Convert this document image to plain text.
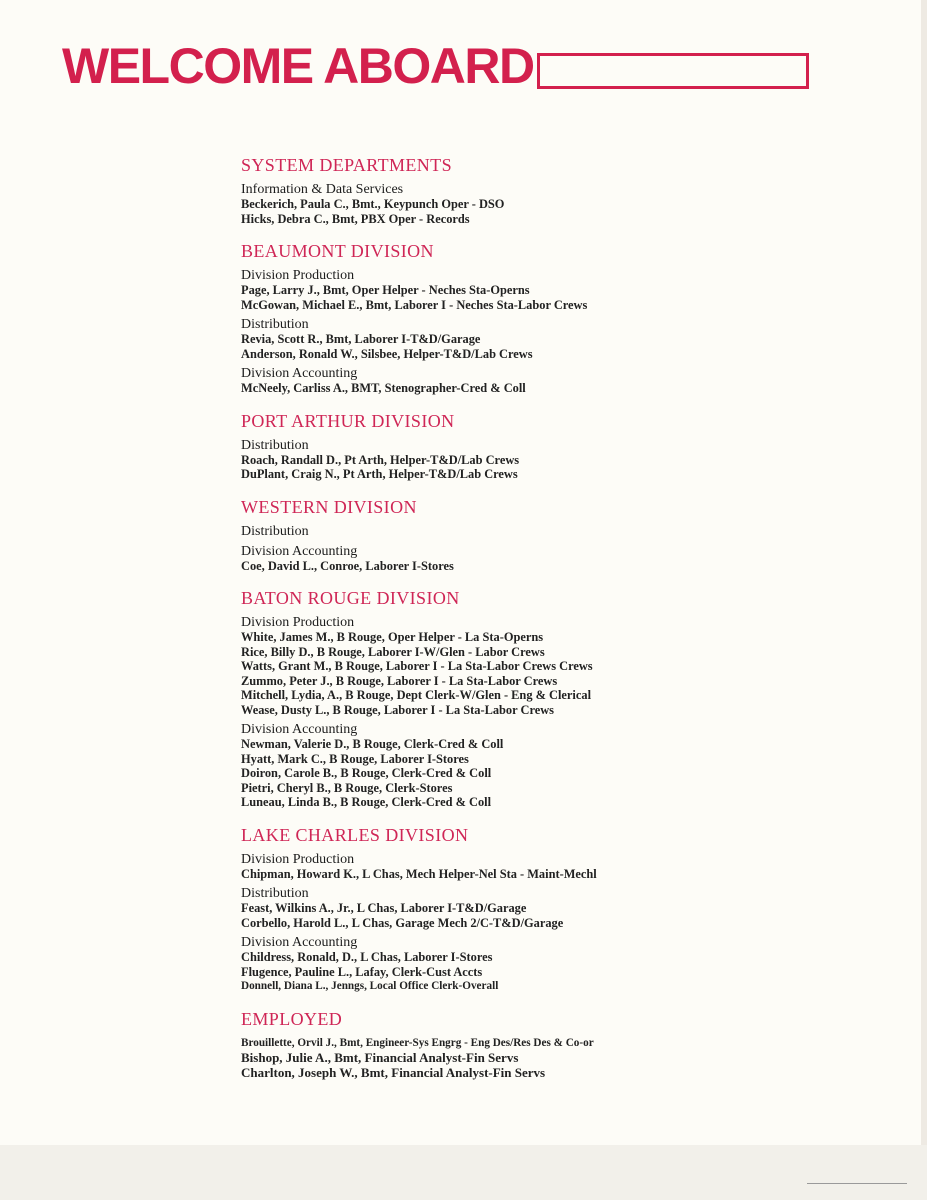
WELCOME ABOARD
SYSTEM DEPARTMENTS
Information & Data Services
Beckerich, Paula C., Bmt., Keypunch Oper - DSO
Hicks, Debra C., Bmt, PBX Oper - Records
BEAUMONT DIVISION
Division Production
Page, Larry J., Bmt, Oper Helper - Neches Sta-Operns
McGowan, Michael E., Bmt, Laborer I - Neches Sta-Labor Crews
Distribution
Revia, Scott R., Bmt, Laborer I-T&D/Garage
Anderson, Ronald W., Silsbee, Helper-T&D/Lab Crews
Division Accounting
McNeely, Carliss A., BMT, Stenographer-Cred & Coll
PORT ARTHUR DIVISION
Distribution
Roach, Randall D., Pt Arth, Helper-T&D/Lab Crews
DuPlant, Craig N., Pt Arth, Helper-T&D/Lab Crews
WESTERN DIVISION
Distribution
Division Accounting
Coe, David L., Conroe, Laborer I-Stores
BATON ROUGE DIVISION
Division Production
White, James M., B Rouge, Oper Helper - La Sta-Operns
Rice, Billy D., B Rouge, Laborer I-W/Glen - Labor Crews
Watts, Grant M., B Rouge, Laborer I - La Sta-Labor Crews Crews
Zummo, Peter J., B Rouge, Laborer I - La Sta-Labor Crews
Mitchell, Lydia, A., B Rouge, Dept Clerk-W/Glen - Eng & Clerical
Wease, Dusty L., B Rouge, Laborer I - La Sta-Labor Crews
Division Accounting
Newman, Valerie D., B Rouge, Clerk-Cred & Coll
Hyatt, Mark C., B Rouge, Laborer I-Stores
Doiron, Carole B., B Rouge, Clerk-Cred & Coll
Pietri, Cheryl B., B Rouge, Clerk-Stores
Luneau, Linda B., B Rouge, Clerk-Cred & Coll
LAKE CHARLES DIVISION
Division Production
Chipman, Howard K., L Chas, Mech Helper-Nel Sta - Maint-Mechl
Distribution
Feast, Wilkins A., Jr., L Chas, Laborer I-T&D/Garage
Corbello, Harold L., L Chas, Garage Mech 2/C-T&D/Garage
Division Accounting
Childress, Ronald, D., L Chas, Laborer I-Stores
Flugence, Pauline L., Lafay, Clerk-Cust Accts
Donnell, Diana L., Jenngs, Local Office Clerk-Overall
EMPLOYED
Brouillette, Orvil J., Bmt, Engineer-Sys Engrg - Eng Des/Res Des & Co-or
Bishop, Julie A., Bmt, Financial Analyst-Fin Servs
Charlton, Joseph W., Bmt, Financial Analyst-Fin Servs
